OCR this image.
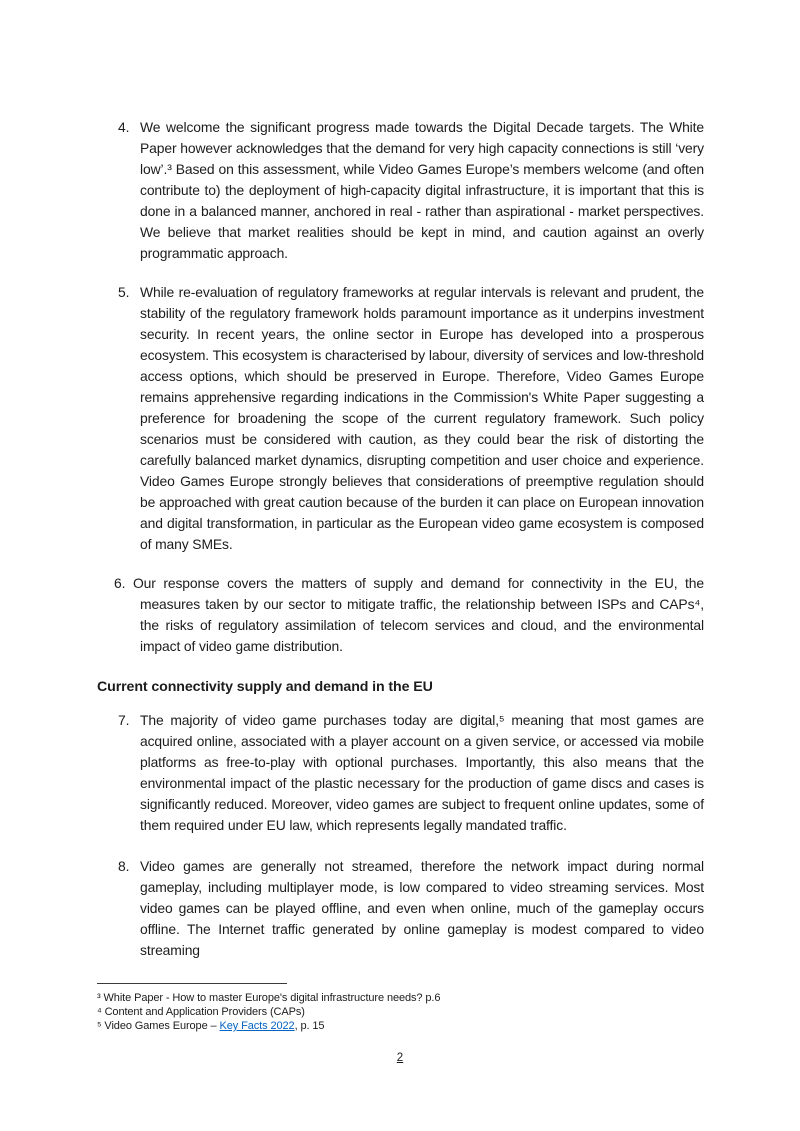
4. We welcome the significant progress made towards the Digital Decade targets. The White Paper however acknowledges that the demand for very high capacity connections is still ‘very low’.³ Based on this assessment, while Video Games Europe’s members welcome (and often contribute to) the deployment of high-capacity digital infrastructure, it is important that this is done in a balanced manner, anchored in real - rather than aspirational - market perspectives. We believe that market realities should be kept in mind, and caution against an overly programmatic approach.
5. While re-evaluation of regulatory frameworks at regular intervals is relevant and prudent, the stability of the regulatory framework holds paramount importance as it underpins investment security. In recent years, the online sector in Europe has developed into a prosperous ecosystem. This ecosystem is characterised by labour, diversity of services and low-threshold access options, which should be preserved in Europe. Therefore, Video Games Europe remains apprehensive regarding indications in the Commission's White Paper suggesting a preference for broadening the scope of the current regulatory framework. Such policy scenarios must be considered with caution, as they could bear the risk of distorting the carefully balanced market dynamics, disrupting competition and user choice and experience. Video Games Europe strongly believes that considerations of preemptive regulation should be approached with great caution because of the burden it can place on European innovation and digital transformation, in particular as the European video game ecosystem is composed of many SMEs.
6. Our response covers the matters of supply and demand for connectivity in the EU, the measures taken by our sector to mitigate traffic, the relationship between ISPs and CAPs⁴, the risks of regulatory assimilation of telecom services and cloud, and the environmental impact of video game distribution.
Current connectivity supply and demand in the EU
7. The majority of video game purchases today are digital,⁵ meaning that most games are acquired online, associated with a player account on a given service, or accessed via mobile platforms as free-to-play with optional purchases. Importantly, this also means that the environmental impact of the plastic necessary for the production of game discs and cases is significantly reduced. Moreover, video games are subject to frequent online updates, some of them required under EU law, which represents legally mandated traffic.
8. Video games are generally not streamed, therefore the network impact during normal gameplay, including multiplayer mode, is low compared to video streaming services. Most video games can be played offline, and even when online, much of the gameplay occurs offline. The Internet traffic generated by online gameplay is modest compared to video streaming
³ White Paper - How to master Europe's digital infrastructure needs? p.6
⁴ Content and Application Providers (CAPs)
⁵ Video Games Europe – Key Facts 2022, p. 15
2
